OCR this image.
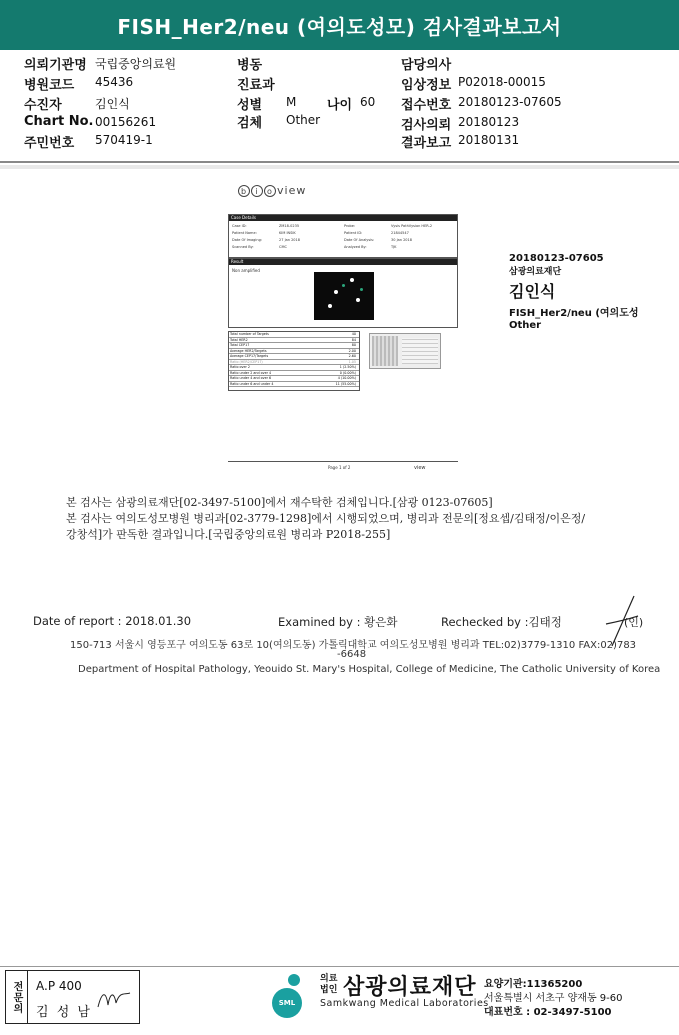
FISH_Her2/neu (여의도성모) 검사결과보고서
의뢰기관명 국립중앙의료원
병원코드 45436
수진자	김인식
Chart No. 00156261
주민번호 570419-1
병동
진료과
성별 M 나이 60
검체 Other
담당의사
임상정보 P02018-00015
접수번호 20180123-07605
검사의뢰 20180123
결과보고 20180131
b i o view
Case Details
Case ID:	ZM18-0235
Patient Name:	KIM INSIK
Date Of Imaging:	27 Jan 2018
Scanned By:	CMC
Probe:	Vysis PathVysion HER-2
Patient ID:	21844547
Date Of Analysis:	30 Jan 2018
Analyzed By:	TJK
Result
Non amplified
Total number of Targets	40
Total HER2	84
Total CEP17	80
Average HER2/Targets	2.00
Average CEP17/Targets	2.60
Ratio (HER2/CEP17)	1.05
Ratio over 2	1 (2.50%)
Ratio under 2 and over 4	0 (0.00%)
Ratio under 4 and over 6	4 (10.00%)
Ratio under 6 and under 4	11 (55.00%)
Page 1 of 2	view
20180123-07605
삼광의료재단
김인식
FISH_Her2/neu (여의도성
Other
본 검사는 삼광의료재단[02-3497-5100]에서 재수탁한 검체입니다.[삼광 0123-07605]
본 검사는 여의도성모병원 병리과[02-3779-1298]에서 시행되었으며, 병리과 전문의[정요셉/김태정/이은정/
강창석]가 판독한 결과입니다.[국립중앙의료원 병리과 P2018-255]
Date of report : 2018.01.30	Examined by : 황은화	Rechecked by :김태정	(인)
150-713 서울시 영등포구 여의도동 63로 10(여의도동) 가톨릭대학교 여의도성모병원 병리과 TEL:02)3779-1310 FAX:02)783
-6648
Department of Hospital Pathology, Yeouido St. Mary's Hospital, College of Medicine, The Catholic University of Korea
전문의	A.P 400
김 성 남
SML
의료 법인 삼광의료재단
Samkwang Medical Laboratories
요양기관:11365200
서울특별시 서초구 양재동 9-60
대표번호 : 02-3497-5100
